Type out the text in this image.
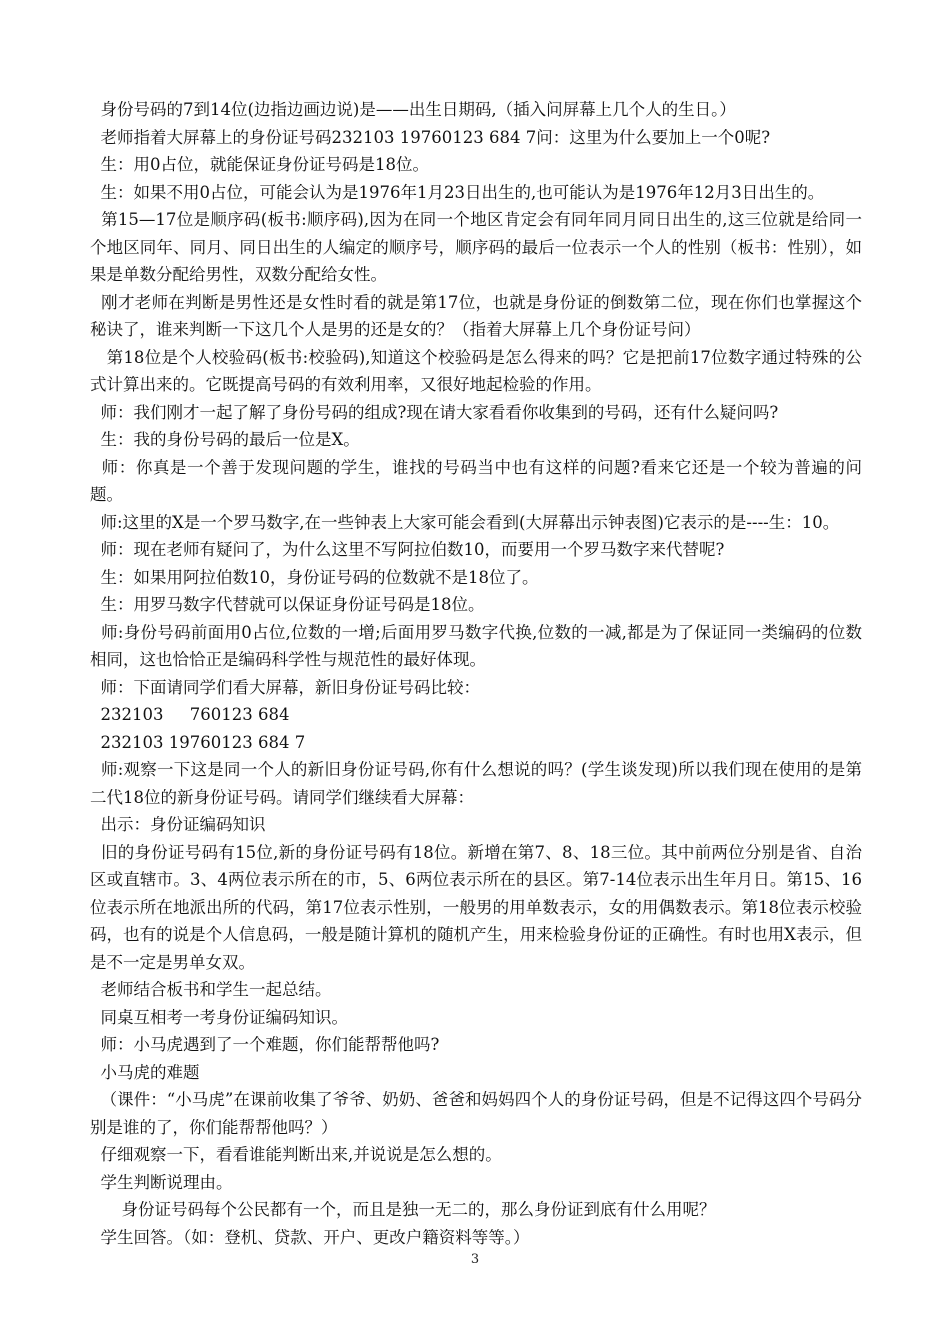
身份号码的7到14位(边指边画边说)是——出生日期码,（插入问屏幕上几个人的生日。）

老师指着大屏幕上的身份证号码232103 19760123 684 7问：这里为什么要加上一个0呢?

生：用0占位，就能保证身份证号码是18位。

生：如果不用0占位，可能会认为是1976年1月23日出生的,也可能认为是1976年12月3日出生的。

第15—17位是顺序码(板书:顺序码),因为在同一个地区肯定会有同年同月同日出生的,这三位就是给同一个地区同年、同月、同日出生的人编定的顺序号，顺序码的最后一位表示一个人的性别（板书：性别），如果是单数分配给男性，双数分配给女性。

刚才老师在判断是男性还是女性时看的就是第17位，也就是身份证的倒数第二位，现在你们也掌握这个秘诀了，谁来判断一下这几个人是男的还是女的？（指着大屏幕上几个身份证号问）

第18位是个人校验码(板书:校验码),知道这个校验码是怎么得来的吗？它是把前17位数字通过特殊的公式计算出来的。它既提高号码的有效利用率，又很好地起检验的作用。

师：我们刚才一起了解了身份号码的组成?现在请大家看看你收集到的号码，还有什么疑问吗?

生：我的身份号码的最后一位是X。

师：你真是一个善于发现问题的学生，谁找的号码当中也有这样的问题?看来它还是一个较为普遍的问题。

师:这里的X是一个罗马数字,在一些钟表上大家可能会看到(大屏幕出示钟表图)它表示的是----生：10。

师：现在老师有疑问了，为什么这里不写阿拉伯数10，而要用一个罗马数字来代替呢?

生：如果用阿拉伯数10，身份证号码的位数就不是18位了。

生：用罗马数字代替就可以保证身份证号码是18位。

师:身份号码前面用0占位,位数的一增;后面用罗马数字代换,位数的一减,都是为了保证同一类编码的位数相同，这也恰恰正是编码科学性与规范性的最好体现。

师：下面请同学们看大屏幕，新旧身份证号码比较：

232103     760123 684

232103 19760123 684 7

师:观察一下这是同一个人的新旧身份证号码,你有什么想说的吗？(学生谈发现)所以我们现在使用的是第二代18位的新身份证号码。请同学们继续看大屏幕：

出示：身份证编码知识

旧的身份证号码有15位,新的身份证号码有18位。新增在第7、8、18三位。其中前两位分别是省、自治区或直辖市。3、4两位表示所在的市，5、6两位表示所在的县区。第7-14位表示出生年月日。第15、16位表示所在地派出所的代码，第17位表示性别，一般男的用单数表示，女的用偶数表示。第18位表示校验码，也有的说是个人信息码，一般是随计算机的随机产生，用来检验身份证的正确性。有时也用X表示，但是不一定是男单女双。

老师结合板书和学生一起总结。

同桌互相考一考身份证编码知识。

师：小马虎遇到了一个难题，你们能帮帮他吗?

小马虎的难题

（课件：“小马虎”在课前收集了爷爷、奶奶、爸爸和妈妈四个人的身份证号码，但是不记得这四个号码分别是谁的了，你们能帮帮他吗？）

仔细观察一下，看看谁能判断出来,并说说是怎么想的。

学生判断说理由。

身份证号码每个公民都有一个，而且是独一无二的，那么身份证到底有什么用呢？

学生回答。（如：登机、贷款、开户、更改户籍资料等等。）

3
